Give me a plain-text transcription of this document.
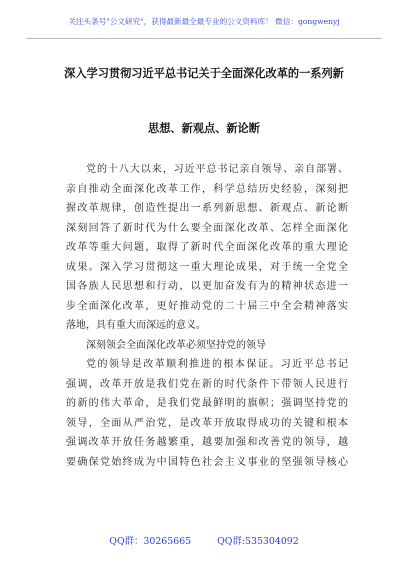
关注头条号"公文研究"，获得最新最全最专业的公文资料库！ 微信：gongwenyj
深入学习贯彻习近平总书记关于全面深化改革的一系列新
思想、新观点、新论断
党的十八大以来，习近平总书记亲自领导、亲自部署、
亲自推动全面深化改革工作，科学总结历史经验，深刻把
握改革规律，创造性提出一系列新思想、新观点、新论断
深刻回答了新时代为什么要全面深化改革、怎样全面深化
改革等重大问题，取得了新时代全面深化改革的重大理论
成果。深入学习贯彻这一重大理论成果，对于统一全党全
国各族人民思想和行动，以更加奋发有为的精神状态进一
步全面深化改革，更好推动党的二十届三中全会精神落实
落地，具有重大而深远的意义。
深刻领会全面深化改革必须坚持党的领导
党的领导是改革顺利推进的根本保证。习近平总书记
强调，改革开放是我们党在新的时代条件下带领人民进行
的新的伟大革命，是我们党最鲜明的旗帜；强调坚持党的
领导，全面从严治党，是改革开放取得成功的关键和根本
强调改革开放任务越繁重，越要加强和改善党的领导，越
要确保党始终成为中国特色社会主义事业的坚强领导核心
QQ群：30265665	QQ群:535304092
